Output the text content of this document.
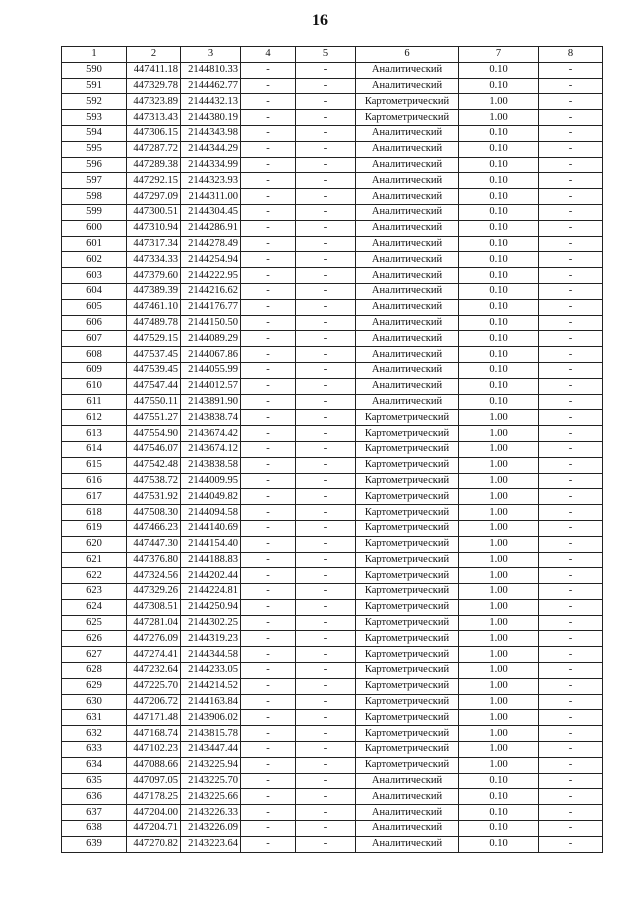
16
1	2	3	4	5	6	7	8
590	447411.18	2144810.33	-	-	Аналитический	0.10	-
591	447329.78	2144462.77	-	-	Аналитический	0.10	-
592	447323.89	2144432.13	-	-	Картометрический	1.00	-
593	447313.43	2144380.19	-	-	Картометрический	1.00	-
594	447306.15	2144343.98	-	-	Аналитический	0.10	-
595	447287.72	2144344.29	-	-	Аналитический	0.10	-
596	447289.38	2144334.99	-	-	Аналитический	0.10	-
597	447292.15	2144323.93	-	-	Аналитический	0.10	-
598	447297.09	2144311.00	-	-	Аналитический	0.10	-
599	447300.51	2144304.45	-	-	Аналитический	0.10	-
600	447310.94	2144286.91	-	-	Аналитический	0.10	-
601	447317.34	2144278.49	-	-	Аналитический	0.10	-
602	447334.33	2144254.94	-	-	Аналитический	0.10	-
603	447379.60	2144222.95	-	-	Аналитический	0.10	-
604	447389.39	2144216.62	-	-	Аналитический	0.10	-
605	447461.10	2144176.77	-	-	Аналитический	0.10	-
606	447489.78	2144150.50	-	-	Аналитический	0.10	-
607	447529.15	2144089.29	-	-	Аналитический	0.10	-
608	447537.45	2144067.86	-	-	Аналитический	0.10	-
609	447539.45	2144055.99	-	-	Аналитический	0.10	-
610	447547.44	2144012.57	-	-	Аналитический	0.10	-
611	447550.11	2143891.90	-	-	Аналитический	0.10	-
612	447551.27	2143838.74	-	-	Картометрический	1.00	-
613	447554.90	2143674.42	-	-	Картометрический	1.00	-
614	447546.07	2143674.12	-	-	Картометрический	1.00	-
615	447542.48	2143838.58	-	-	Картометрический	1.00	-
616	447538.72	2144009.95	-	-	Картометрический	1.00	-
617	447531.92	2144049.82	-	-	Картометрический	1.00	-
618	447508.30	2144094.58	-	-	Картометрический	1.00	-
619	447466.23	2144140.69	-	-	Картометрический	1.00	-
620	447447.30	2144154.40	-	-	Картометрический	1.00	-
621	447376.80	2144188.83	-	-	Картометрический	1.00	-
622	447324.56	2144202.44	-	-	Картометрический	1.00	-
623	447329.26	2144224.81	-	-	Картометрический	1.00	-
624	447308.51	2144250.94	-	-	Картометрический	1.00	-
625	447281.04	2144302.25	-	-	Картометрический	1.00	-
626	447276.09	2144319.23	-	-	Картометрический	1.00	-
627	447274.41	2144344.58	-	-	Картометрический	1.00	-
628	447232.64	2144233.05	-	-	Картометрический	1.00	-
629	447225.70	2144214.52	-	-	Картометрический	1.00	-
630	447206.72	2144163.84	-	-	Картометрический	1.00	-
631	447171.48	2143906.02	-	-	Картометрический	1.00	-
632	447168.74	2143815.78	-	-	Картометрический	1.00	-
633	447102.23	2143447.44	-	-	Картометрический	1.00	-
634	447088.66	2143225.94	-	-	Картометрический	1.00	-
635	447097.05	2143225.70	-	-	Аналитический	0.10	-
636	447178.25	2143225.66	-	-	Аналитический	0.10	-
637	447204.00	2143226.33	-	-	Аналитический	0.10	-
638	447204.71	2143226.09	-	-	Аналитический	0.10	-
639	447270.82	2143223.64	-	-	Аналитический	0.10	-
